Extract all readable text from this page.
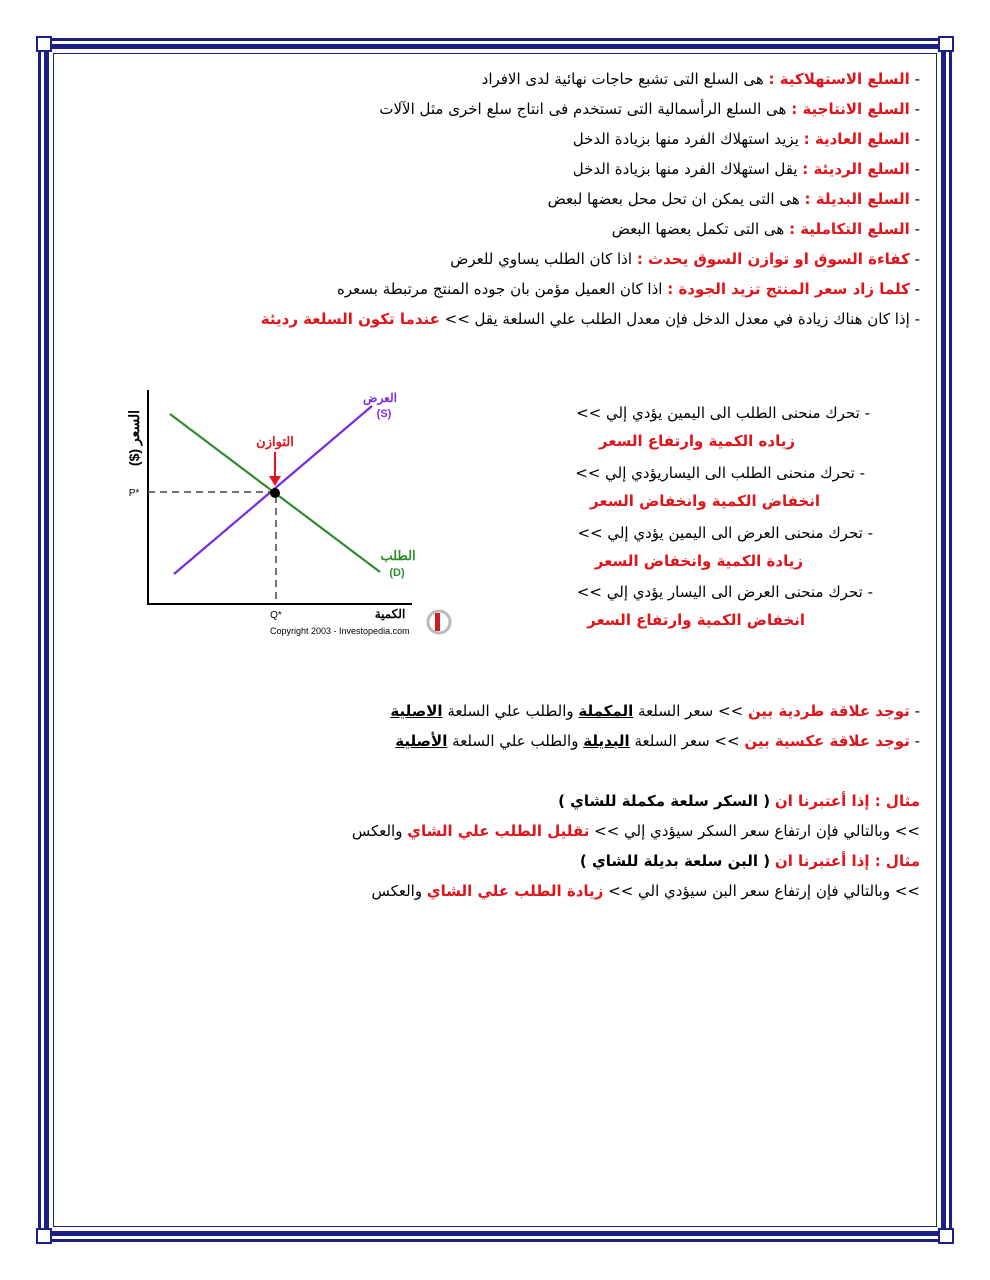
- السلع الاستهلاكية : هى السلع التى تشبع حاجات نهائية لدى الافراد
- السلع الانتاجية : هى السلع الرأسمالية التى تستخدم فى انتاج سلع اخرى مثل الآلات
- السلع العادية : يزيد استهلاك الفرد منها بزيادة الدخل
- السلع الرديئة : يقل استهلاك الفرد منها بزيادة الدخل
- السلع البديلة : هى التى يمكن ان تحل محل بعضها لبعض
- السلع التكاملية : هى التى تكمل بعضها البعض
- كفاءة السوق او توازن السوق يحدث : اذا كان الطلب يساوي للعرض
- كلما زاد سعر المنتج تزيد الجودة : اذا كان العميل مؤمن بان جوده المنتج مرتبطة بسعره
- إذا كان هناك زيادة في معدل الدخل فإن معدل الطلب علي السلعة يقل >> عندما تكون السلعة رديئة
السعر ($)	التوازن
العرض
(S)
الطلب
(D)
P*
Q*	الكمية
Copyright 2003 - Investopedia.com
- تحرك منحنى الطلب الى اليمين يؤدي إلي >>
زياده الكمية وارتفاع السعر
- تحرك منحنى الطلب الى اليساريؤدي إلي >>
انخفاض الكمية وانخفاض السعر
- تحرك منحنى العرض الى اليمين يؤدي إلي >>
زيادة الكمية وانخفاض السعر
- تحرك منحنى العرض الى اليسار يؤدي إلي >>
انخفاض الكمية وارتفاع السعر
- توجد علاقة طردية بين >> سعر السلعة المكملة والطلب علي السلعة الاصلية
- توجد علاقة عكسية بين >> سعر السلعة البديلة والطلب علي السلعة الأصلية
مثال : إذا أعتبرنا ان ( السكر سلعة مكملة للشاي )
>> وبالتالي فإن ارتفاع سعر السكر سيؤدي إلي >> تقليل الطلب علي الشاي والعكس
مثال : إذا أعتبرنا ان ( البن سلعة بديلة للشاي )
>> وبالتالي فإن إرتفاع سعر البن سيؤدي الي >> زيادة الطلب علي الشاي والعكس
